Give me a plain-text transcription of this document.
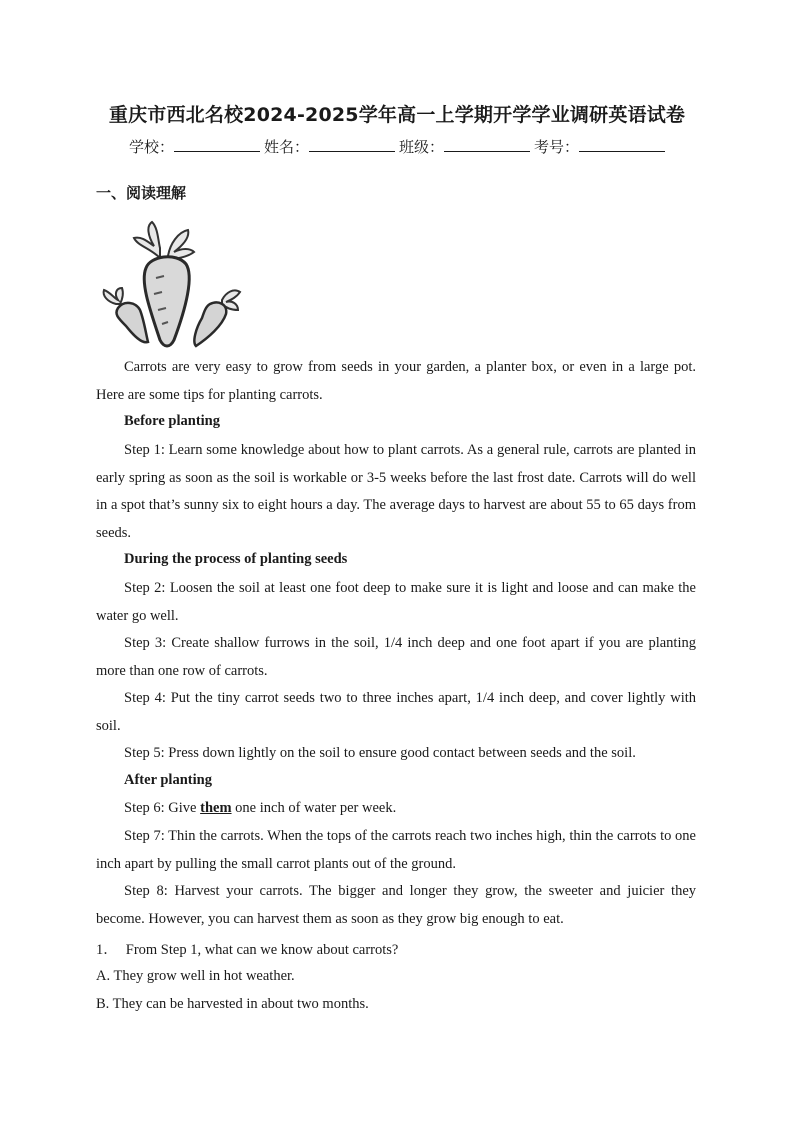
重庆市西北名校2024-2025学年高一上学期开学学业调研英语试卷
学校：	姓名：	班级：	考号：
一、阅读理解

Carrots are very easy to grow from seeds in your garden, a planter box, or even in a large pot. Here are some tips for planting carrots.

Before planting

Step 1: Learn some knowledge about how to plant carrots. As a general rule, carrots are planted in early spring as soon as the soil is workable or 3-5 weeks before the last frost date. Carrots will do well in a spot that’s sunny six to eight hours a day. The average days to harvest are about 55 to 65 days from seeds.

During the process of planting seeds

Step 2: Loosen the soil at least one foot deep to make sure it is light and loose and can make the water go well.

Step 3: Create shallow furrows in the soil, 1/4 inch deep and one foot apart if you are planting more than one row of carrots.

Step 4: Put the tiny carrot seeds two to three inches apart, 1/4 inch deep, and cover lightly with soil.

Step 5: Press down lightly on the soil to ensure good contact between seeds and the soil.

After planting

Step 6: Give them one inch of water per week.

Step 7: Thin the carrots. When the tops of the carrots reach two inches high, thin the carrots to one inch apart by pulling the small carrot plants out of the ground.

Step 8: Harvest your carrots. The bigger and longer they grow, the sweeter and juicier they become. However, you can harvest them as soon as they grow big enough to eat.

1． From Step 1, what can we know about carrots?
A. They grow well in hot weather.
B. They can be harvested in about two months.
